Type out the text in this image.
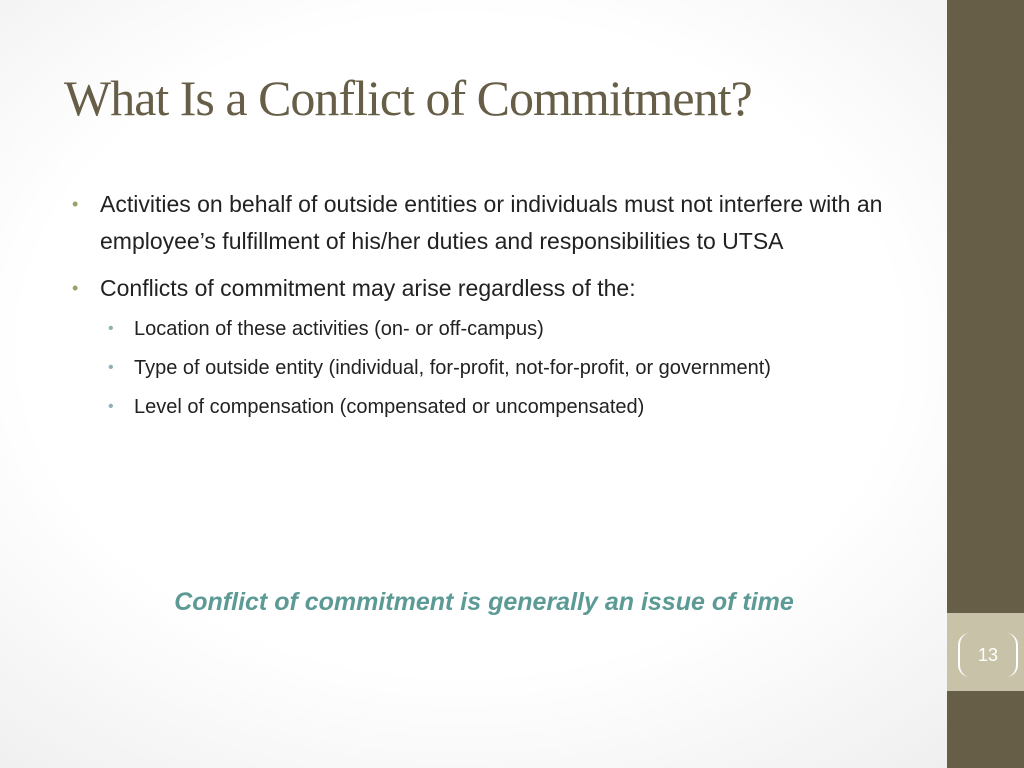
13
What Is a Conflict of Commitment?
• Activities on behalf of outside entities or individuals must not interfere with an employee’s fulfillment of his/her duties and responsibilities to UTSA
• Conflicts of commitment may arise regardless of the:
• Location of these activities (on- or off-campus)
• Type of outside entity (individual, for-profit, not-for-profit, or government)
• Level of compensation (compensated or uncompensated)
Conflict of commitment is generally an issue of time
